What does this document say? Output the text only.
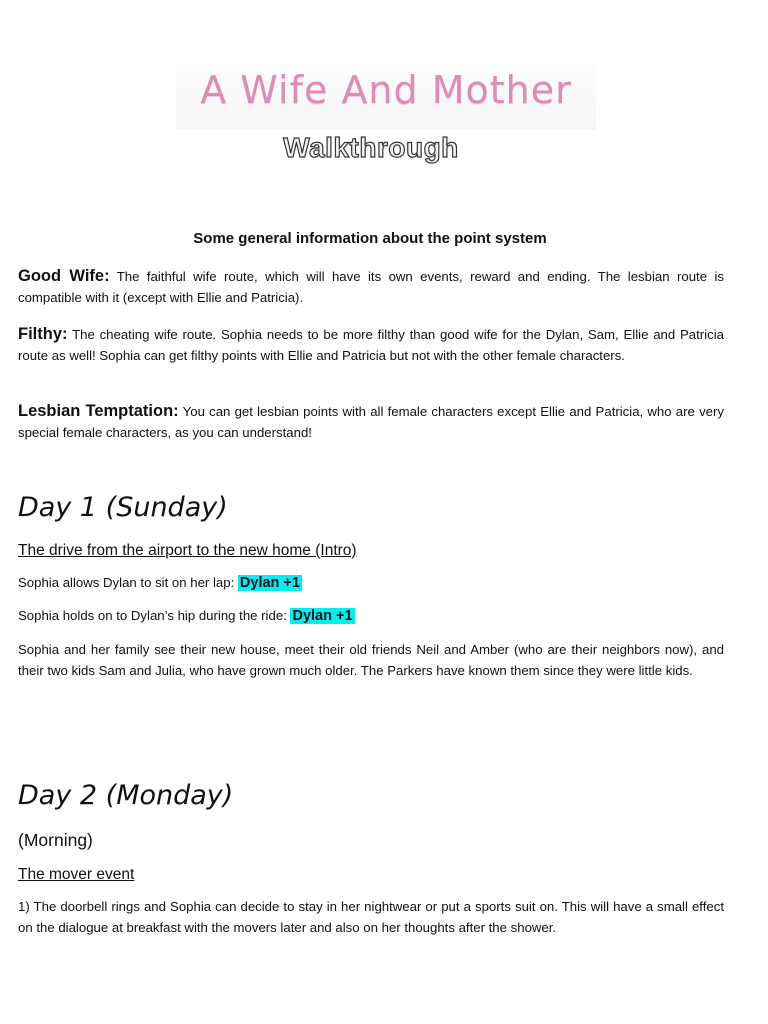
A Wife And Mother
Walkthrough
Some general information about the point system
Good Wife: The faithful wife route, which will have its own events, reward and ending. The lesbian route is compatible with it (except with Ellie and Patricia).
Filthy: The cheating wife route. Sophia needs to be more filthy than good wife for the Dylan, Sam, Ellie and Patricia route as well! Sophia can get filthy points with Ellie and Patricia but not with the other female characters.
Lesbian Temptation: You can get lesbian points with all female characters except Ellie and Patricia, who are very special female characters, as you can understand!
Day 1 (Sunday)
The drive from the airport to the new home (Intro)
Sophia allows Dylan to sit on her lap: Dylan +1
Sophia holds on to Dylan’s hip during the ride: Dylan +1
Sophia and her family see their new house, meet their old friends Neil and Amber (who are their neighbors now), and their two kids Sam and Julia, who have grown much older. The Parkers have known them since they were little kids.
Day 2 (Monday)
(Morning)
The mover event
1) The doorbell rings and Sophia can decide to stay in her nightwear or put a sports suit on. This will have a small effect on the dialogue at breakfast with the movers later and also on her thoughts after the shower.
